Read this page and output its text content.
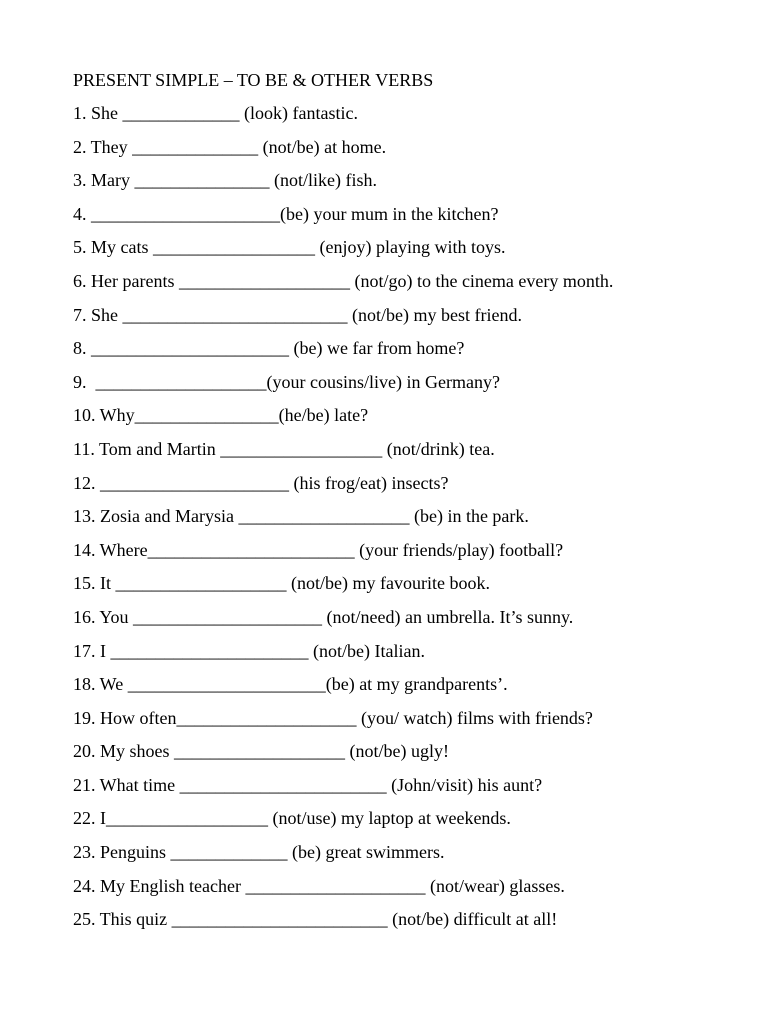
PRESENT SIMPLE – TO BE & OTHER VERBS
1. She _____________ (look) fantastic.
2. They ______________ (not/be) at home.
3. Mary _______________ (not/like) fish.
4. _____________________(be) your mum in the kitchen?
5. My cats __________________ (enjoy) playing with toys.
6. Her parents ___________________ (not/go) to the cinema every month.
7. She _________________________ (not/be) my best friend.
8. ______________________ (be) we far from home?
9.  ___________________(your cousins/live) in Germany?
10. Why________________(he/be) late?
11. Tom and Martin __________________ (not/drink) tea.
12. _____________________ (his frog/eat) insects?
13. Zosia and Marysia ___________________ (be) in the park.
14. Where_______________________ (your friends/play) football?
15. It ___________________ (not/be) my favourite book.
16. You _____________________ (not/need) an umbrella. It’s sunny.
17. I ______________________ (not/be) Italian.
18. We ______________________(be) at my grandparents’.
19. How often____________________ (you/ watch) films with friends?
20. My shoes ___________________ (not/be) ugly!
21. What time _______________________ (John/visit) his aunt?
22. I__________________ (not/use) my laptop at weekends.
23. Penguins _____________ (be) great swimmers.
24. My English teacher ____________________ (not/wear) glasses.
25. This quiz ________________________ (not/be) difficult at all!
